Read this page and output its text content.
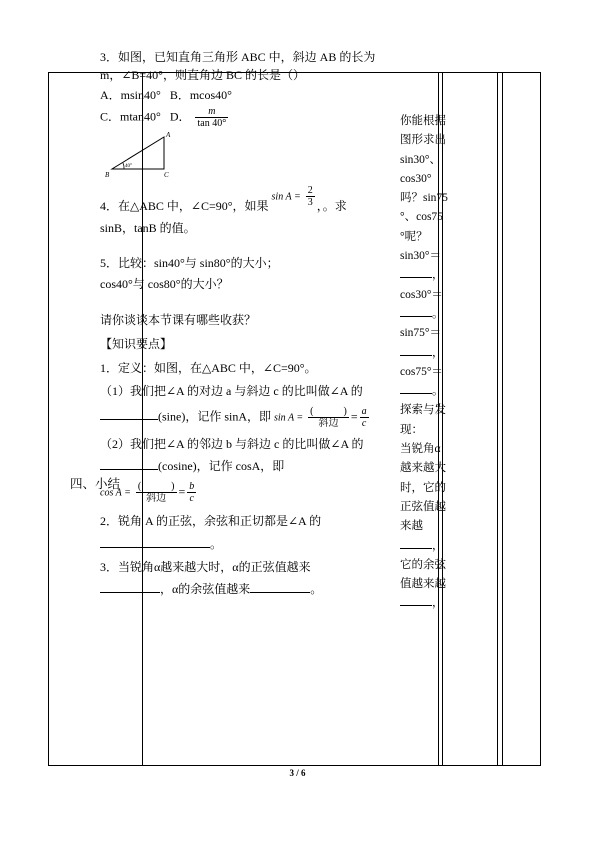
四、小结

3．如图，已知直角三角形 ABC 中，斜边 AB 的长为

m，∠B=40°，则直角边 BC 的长是（）

A．msin40° B．mcos40°

C．mtan40° D． $\frac{m}{\tan 40^\circ}$

A
B	C
40°

4．在△ABC 中，∠C=90°，如果 $\sin A = \frac{2}{3}$ ，。求

sinB，tanB 的值。

5．比较：sin40°与 sin80°的大小；

cos40°与 cos80°的大小？

请你谈谈本节课有哪些收获？

【知识要点】

1．定义：如图，在△ABC 中，∠C=90°。

（1）我们把∠A 的对边 a 与斜边 c 的比叫做∠A 的

(sine)，记作 sinA，即 $\sin A = \frac{( )}{\text{斜边}} = \frac{a}{c}$

（2）我们把∠A 的邻边 b 与斜边 c 的比叫做∠A 的

(cosine)，记作 cosA，即

$\cos A = \frac{( )}{\text{斜边}} = \frac{b}{c}$

2．锐角 A 的正弦，余弦和正切都是∠A 的

。

3．当锐角α越来越大时，α的正弦值越来

，α的余弦值越来	。

你能根据

图形求出

sin30°、

cos30°

吗？sin75

°、cos75

°呢？

sin30°＝

，

cos30°＝

。

sin75°＝

，

cos75°＝

。

探索与发

现：

当锐角α

越来越大

时，它的

正弦值越

来越

，

它的余弦

值越来越

，

3 / 6
